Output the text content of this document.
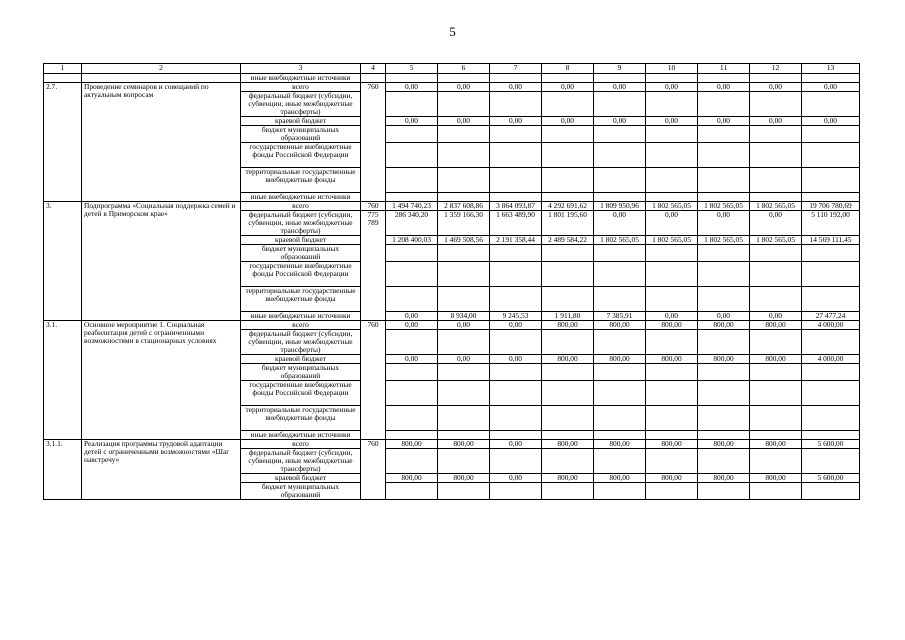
5
1	2	3	4	5	6	7	8	9	10	11	12	13
		иные внебюджетные источники										
2.7.	Проведение семинаров и совещаний по актуальным вопросам	всего	760	0,00	0,00	0,00	0,00	0,00	0,00	0,00	0,00	0,00
		федеральный бюджет (субсидии, субвенции, иные межбюджетные трансферты)										
		краевой бюджет		0,00	0,00	0,00	0,00	0,00	0,00	0,00	0,00	0,00
		бюджет муниципальных образований										
		государственные внебюджетные фонды Российской Федерации										
		территориальные государственные внебюджетные фонды										
		иные внебюджетные источники										
3.	Подпрограмма «Социальная поддержка семей и детей в Приморском крае»	всего	760	1 494 740,23	2 837 608,86	3 864 093,87	4 292 691,62	1 809 950,96	1 802 565,05	1 802 565,05	1 802 565,05	19 706 780,69
		федеральный бюджет (субсидии, субвенции, иные межбюджетные трансферты)	775 789	286 340,20	1 359 166,30	1 663 489,90	1 801 195,60	0,00	0,00	0,00	0,00	5 110 192,00
		краевой бюджет		1 208 400,03	1 469 508,56	2 191 358,44	2 489 584,22	1 802 565,05	1 802 565,05	1 802 565,05	1 802 565,05	14 569 111,45
		бюджет муниципальных образований										
		государственные внебюджетные фонды Российской Федерации										
		территориальные государственные внебюджетные фонды										
		иные внебюджетные источники		0,00	8 934,00	9 245,53	1 911,80	7 385,91	0,00	0,00	0,00	27 477,24
3.1.	Основное мероприятие 1. Социальная реабилитация детей с ограниченными возможностями в стационарных условиях	всего	760	0,00	0,00	0,00	800,00	800,00	800,00	800,00	800,00	4 000,00
		федеральный бюджет (субсидии, субвенции, иные межбюджетные трансферты)										
		краевой бюджет		0,00	0,00	0,00	800,00	800,00	800,00	800,00	800,00	4 000,00
		бюджет муниципальных образований										
		государственные внебюджетные фонды Российской Федерации										
		территориальные государственные внебюджетные фонды										
		иные внебюджетные источники										
3.1.1.	Реализация программы трудовой адаптации детей с ограниченными возможностями «Шаг навстречу»	всего	760	800,00	800,00	0,00	800,00	800,00	800,00	800,00	800,00	5 600,00
		федеральный бюджет (субсидии, субвенции, иные межбюджетные трансферты)										
		краевой бюджет		800,00	800,00	0,00	800,00	800,00	800,00	800,00	800,00	5 600,00
		бюджет муниципальных образований										
